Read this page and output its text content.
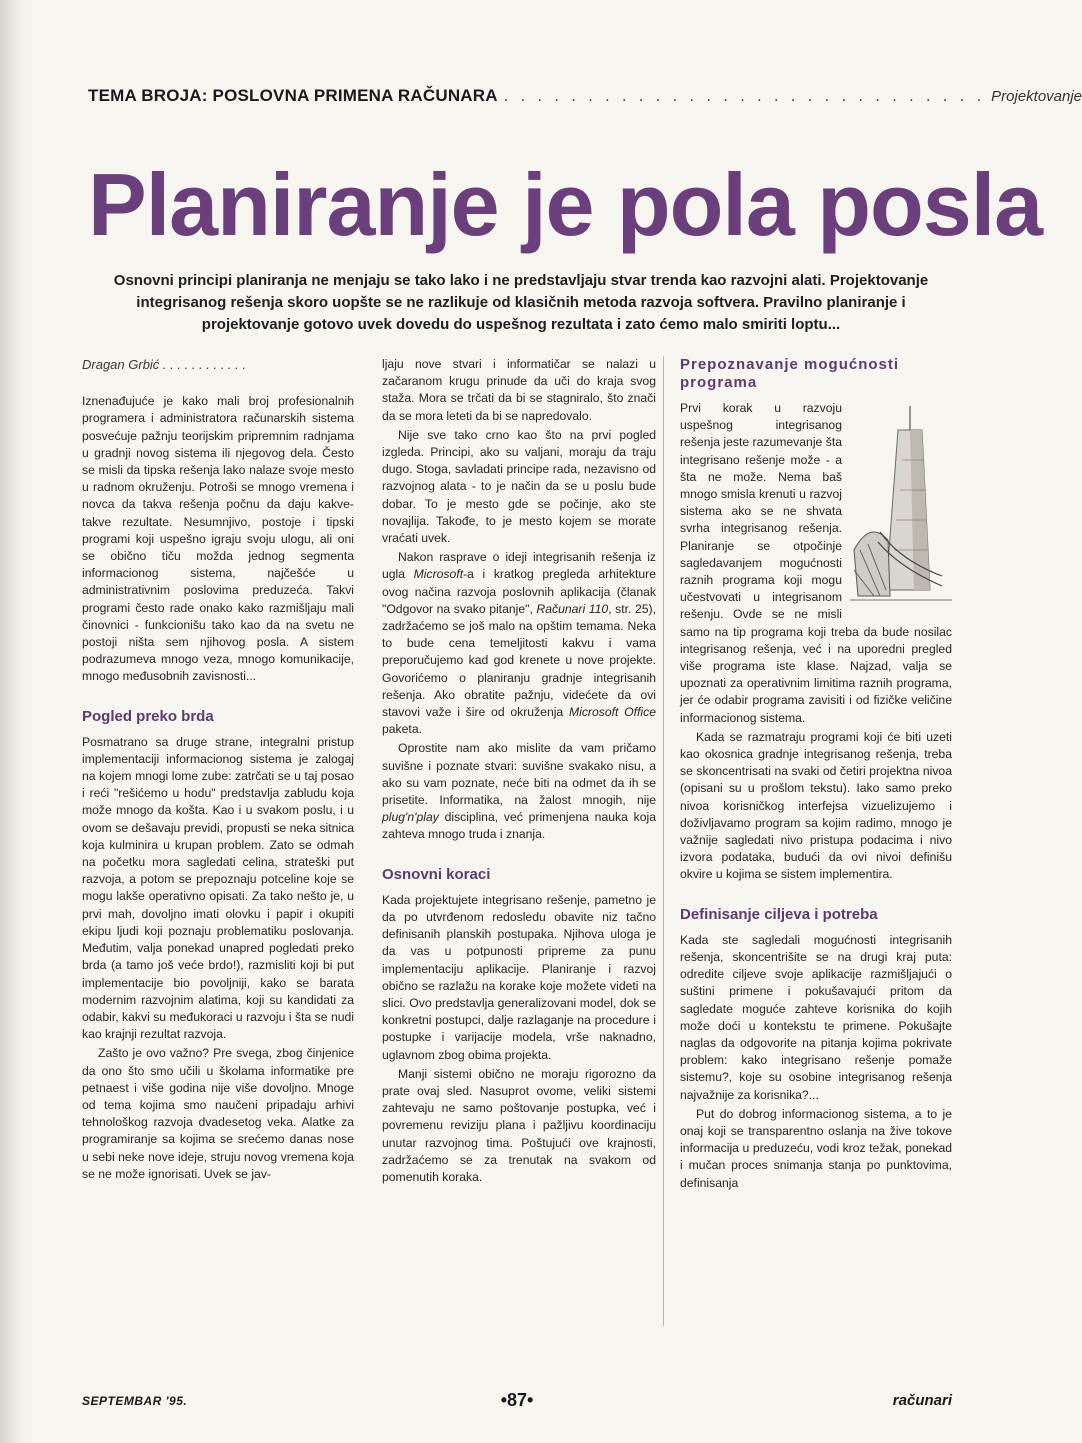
TEMA BROJA: POSLOVNA PRIMENA RAČUNARA . . . . . . . . . . . . . . . . . . . . . . . . . . . . . Projektovanje
Planiranje je pola posla

Osnovni principi planiranja ne menjaju se tako lako i ne predstavljaju stvar trenda kao razvojni alati. Projektovanje integrisanog rešenja skoro uopšte se ne razlikuje od klasičnih metoda razvoja softvera. Pravilno planiranje i projektovanje gotovo uvek dovedu do uspešnog rezultata i zato ćemo malo smiriti loptu...

Dragan Grbić . . . . . . . . . . . .

Iznenađujuće je kako mali broj profesionalnih programera i administratora računarskih sistema posvećuje pažnju teorijskim pripremnim radnjama u gradnji novog sistema ili njegovog dela. Često se misli da tipska rešenja lako nalaze svoje mesto u radnom okruženju. Potroši se mnogo vremena i novca da takva rešenja počnu da daju kakve-takve rezultate. Nesumnjivo, postoje i tipski programi koji uspešno igraju svoju ulogu, ali oni se obično tiču možda jednog segmenta informacionog sistema, najčešće u administrativnim poslovima preduzeća. Takvi programi često rade onako kako razmišljaju mali činovnici - funkcionišu tako kao da na svetu ne postoji ništa sem njihovog posla. A sistem podrazumeva mnogo veza, mnogo komunikacije, mnogo međusobnih zavisnosti...

Pogled preko brda

Posmatrano sa druge strane, integralni pristup implementaciji informacionog sistema je zalogaj na kojem mnogi lome zube: zatrčati se u taj posao i reći "rešićemo u hodu" predstavlja zabludu koja može mnogo da košta. Kao i u svakom poslu, i u ovom se dešavaju previdi, propusti se neka sitnica koja kulminira u krupan problem. Zato se odmah na početku mora sagledati celina, strateški put razvoja, a potom se prepoznaju potceline koje se mogu lakše operativno opisati. Za tako nešto je, u prvi mah, dovoljno imati olovku i papir i okupiti ekipu ljudi koji poznaju problematiku poslovanja. Međutim, valja ponekad unapred pogledati preko brda (a tamo još veće brdo!), razmisliti koji bi put implementacije bio povoljniji, kako se barata modernim razvojnim alatima, koji su kandidati za odabir, kakvi su međukoraci u razvoju i šta se nudi kao krajnji rezultat razvoja.

Zašto je ovo važno? Pre svega, zbog činjenice da ono što smo učili u školama informatike pre petnaest i više godina nije više dovoljno. Mnoge od tema kojima smo naučeni pripadaju arhivi tehnološkog razvoja dvadesetog veka. Alatke za programiranje sa kojima se srećemo danas nose u sebi neke nove ideje, struju novog vremena koja se ne može ignorisati. Uvek se jav-

ljaju nove stvari i informatičar se nalazi u začaranom krugu prinude da uči do kraja svog staža. Mora se trčati da bi se stagniralo, što znači da se mora leteti da bi se napredovalo.

Nije sve tako crno kao što na prvi pogled izgleda. Principi, ako su valjani, moraju da traju dugo. Stoga, savladati principe rada, nezavisno od razvojnog alata - to je način da se u poslu bude dobar. To je mesto gde se počinje, ako ste novajlija. Takođe, to je mesto kojem se morate vraćati uvek.

Nakon rasprave o ideji integrisanih rešenja iz ugla Microsoft-a i kratkog pregleda arhitekture ovog načina razvoja poslovnih aplikacija (članak "Odgovor na svako pitanje", Računari 110, str. 25), zadržaćemo se još malo na opštim temama. Neka to bude cena temeljitosti kakvu i vama preporučujemo kad god krenete u nove projekte. Govorićemo o planiranju gradnje integrisanih rešenja. Ako obratite pažnju, videćete da ovi stavovi važe i šire od okruženja Microsoft Office paketa.

Oprostite nam ako mislite da vam pričamo suvišne i poznate stvari: suvišne svakako nisu, a ako su vam poznate, neće biti na odmet da ih se prisetite. Informatika, na žalost mnogih, nije plug'n'play disciplina, već primenjena nauka koja zahteva mnogo truda i znanja.

Osnovni koraci

Kada projektujete integrisano rešenje, pametno je da po utvrđenom redosledu obavite niz tačno definisanih planskih postupaka. Njihova uloga je da vas u potpunosti pripreme za punu implementaciju aplikacije. Planiranje i razvoj obično se razlažu na korake koje možete videti na slici. Ovo predstavlja generalizovani model, dok se konkretni postupci, dalje razlaganje na procedure i postupke i varijacije modela, vrše naknadno, uglavnom zbog obima projekta.

Manji sistemi obično ne moraju rigorozno da prate ovaj sled. Nasuprot ovome, veliki sistemi zahtevaju ne samo poštovanje postupka, već i povremenu reviziju plana i pažljivu koordinaciju unutar razvojnog tima. Poštujući ove krajnosti, zadržaćemo se za trenutak na svakom od pomenutih koraka.

Prepoznavanje mogućnosti programa

Prvi korak u razvoju uspešnog integrisanog rešenja jeste razumevanje šta integrisano rešenje može - a šta ne može. Nema baš mnogo smisla krenuti u razvoj sistema ako se ne shvata svrha integrisanog rešenja. Planiranje se otpočinje sagledavanjem mogućnosti raznih programa koji mogu učestvovati u integrisanom rešenju. Ovde se ne misli samo na tip programa koji treba da bude nosilac integrisanog rešenja, već i na uporedni pregled više programa iste klase. Najzad, valja se upoznati za operativnim limitima raznih programa, jer će odabir programa zavisiti i od fizičke veličine informacionog sistema.

Kada se razmatraju programi koji će biti uzeti kao okosnica gradnje integrisanog rešenja, treba se skoncentrisati na svaki od četiri projektna nivoa (opisani su u prošlom tekstu). Iako samo preko nivoa korisničkog interfejsa vizuelizujemo i doživljavamo program sa kojim radimo, mnogo je važnije sagledati nivo pristupa podacima i nivo izvora podataka, budući da ovi nivoi definišu okvire u kojima se sistem implementira.

Definisanje ciljeva i potreba

Kada ste sagledali mogućnosti integrisanih rešenja, skoncentrišite se na drugi kraj puta: odredite ciljeve svoje aplikacije razmišljajući o suštini primene i pokušavajući pritom da sagledate moguće zahteve korisnika do kojih može doći u kontekstu te primene. Pokušajte naglas da odgovorite na pitanja kojima pokrivate problem: kako integrisano rešenje pomaže sistemu?, koje su osobine integrisanog rešenja najvažnije za korisnika?...

Put do dobrog informacionog sistema, a to je onaj koji se transparentno oslanja na žive tokove informacija u preduzeću, vodi kroz težak, ponekad i mučan proces snimanja stanja po punktovima, definisanja

SEPTEMBAR '95.	•87•	računari
